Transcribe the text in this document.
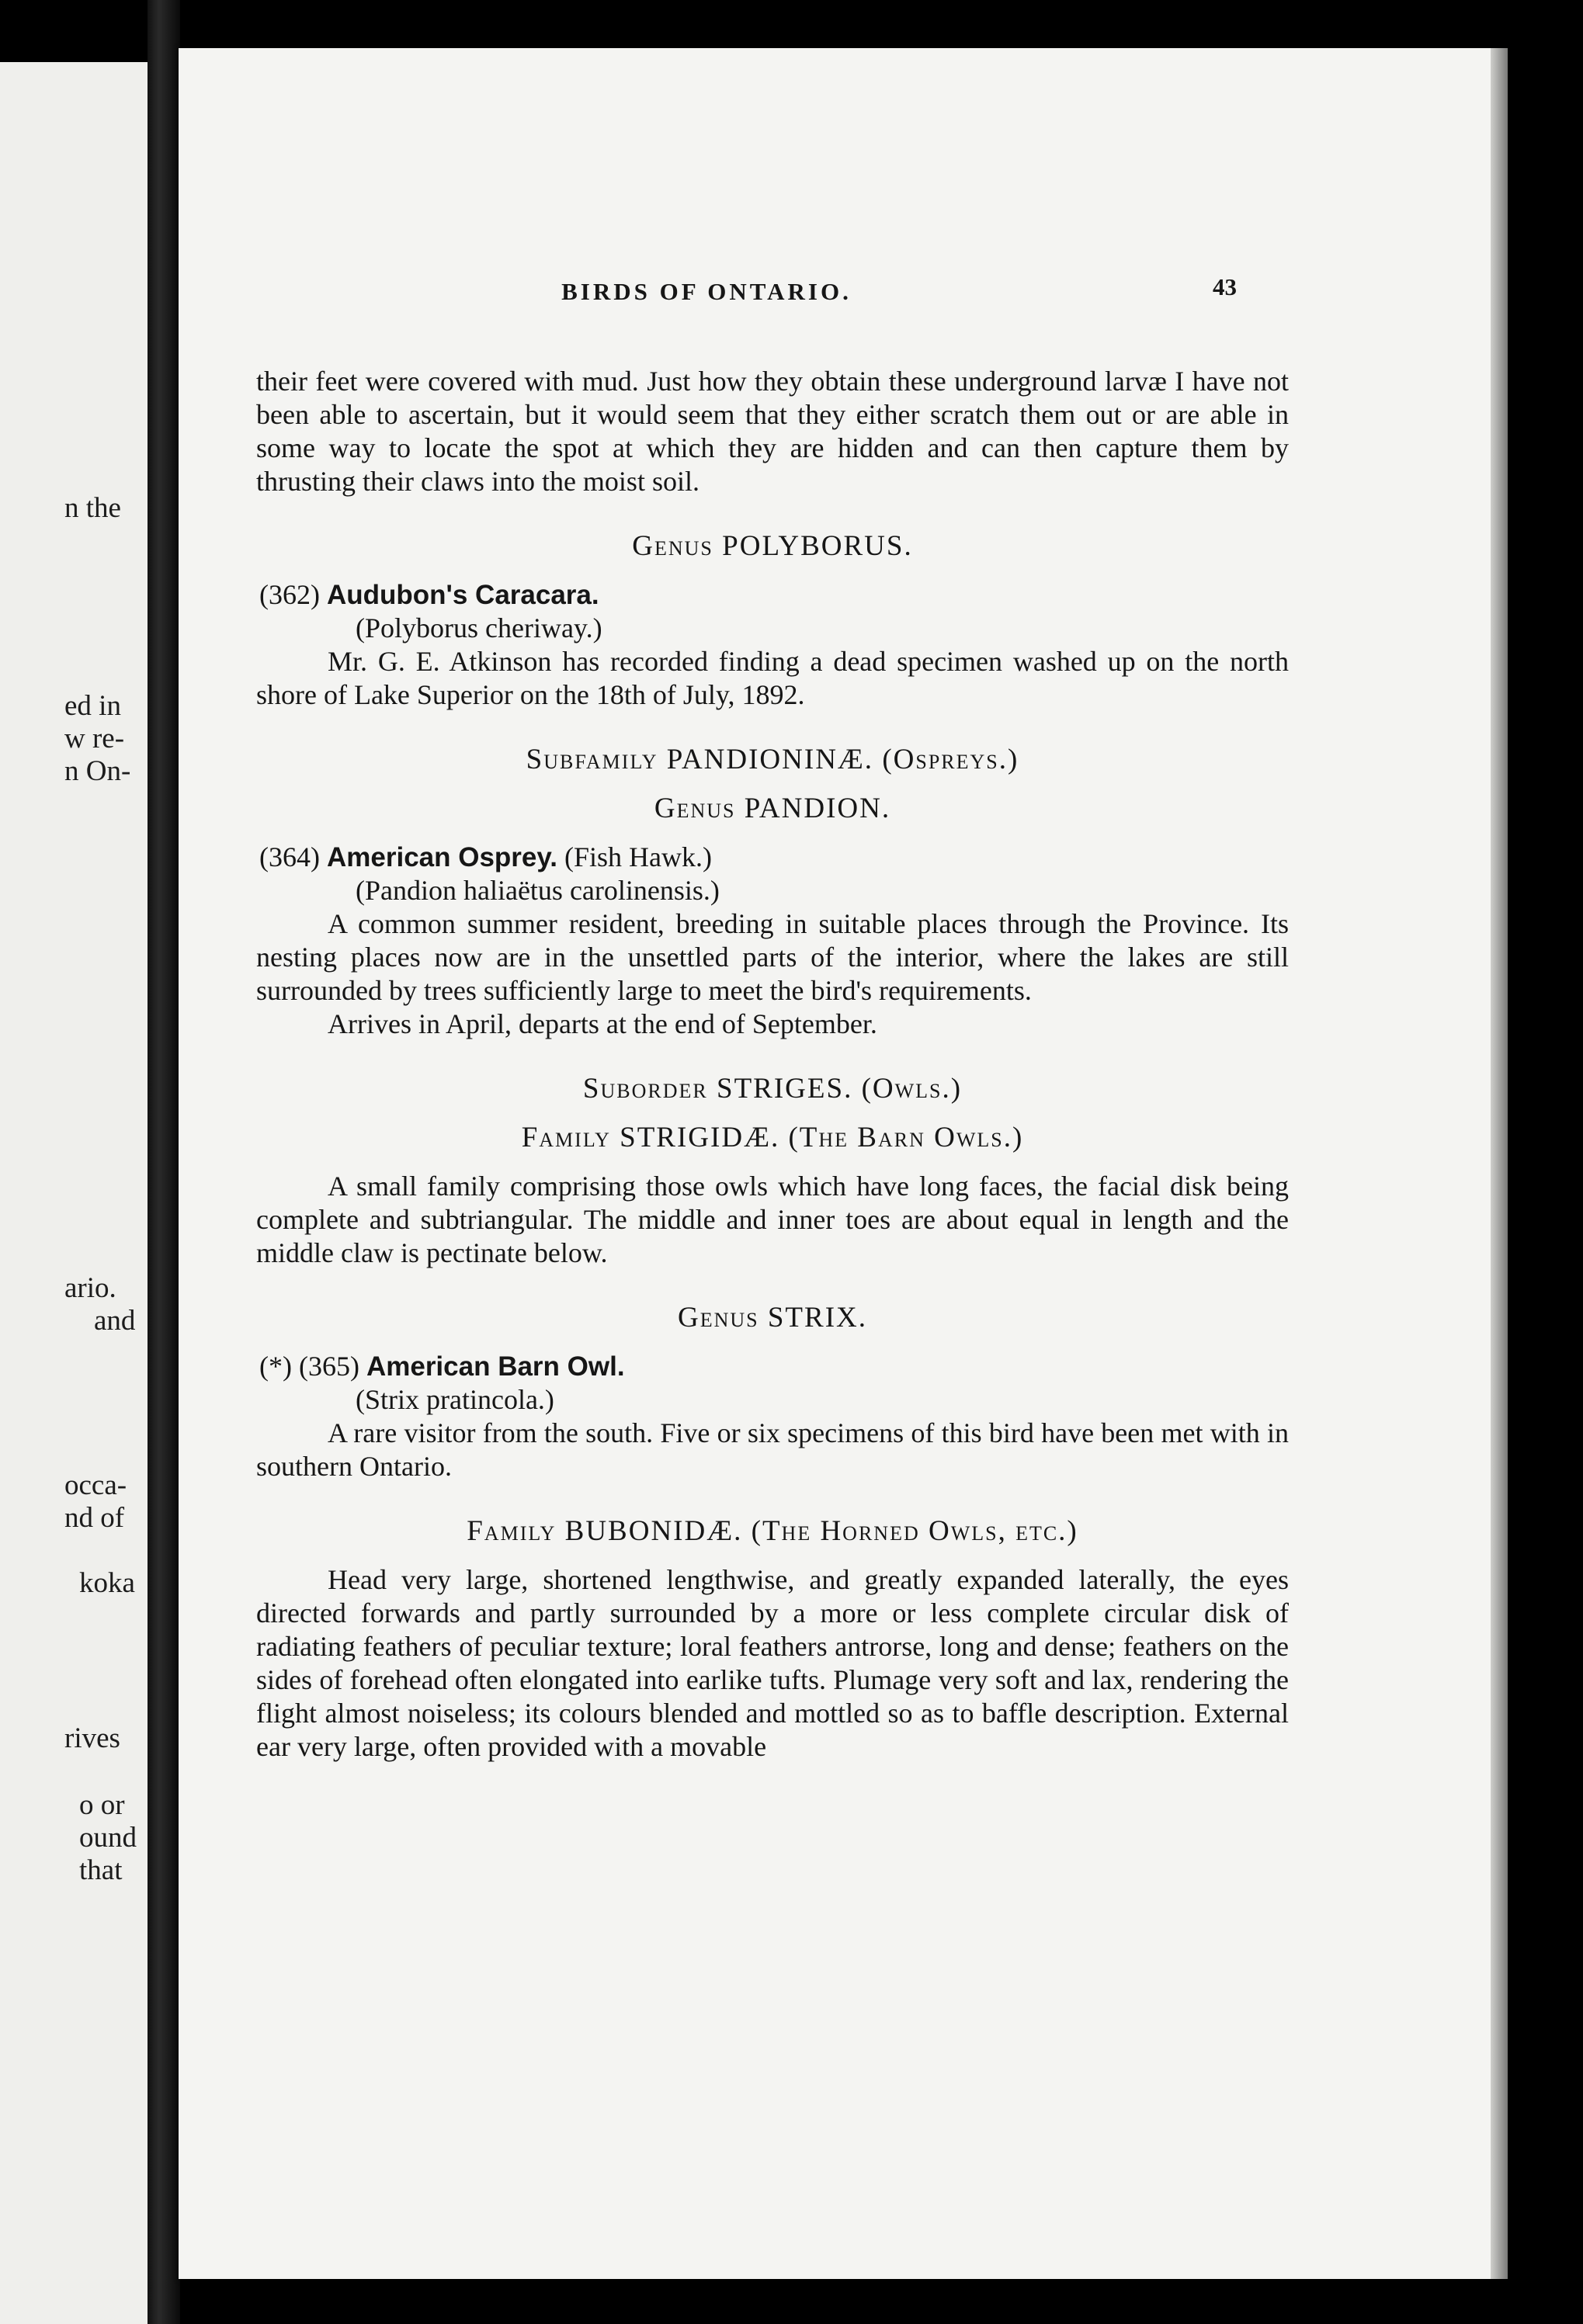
n the
ed in
w re-
n On-
ario.
and
occa-
nd of
koka
rives
o or
ound
that
BIRDS OF ONTARIO.	43

their feet were covered with mud. Just how they obtain these underground larvæ I have not been able to ascertain, but it would seem that they either scratch them out or are able in some way to locate the spot at which they are hidden and can then capture them by thrusting their claws into the moist soil.

Genus POLYBORUS.
(362) Audubon's Caracara.

(Polyborus cheriway.)

Mr. G. E. Atkinson has recorded finding a dead specimen washed up on the north shore of Lake Superior on the 18th of July, 1892.

Subfamily PANDIONINÆ. (Ospreys.)
Genus PANDION.
(364) American Osprey. (Fish Hawk.)

(Pandion haliaëtus carolinensis.)

A common summer resident, breeding in suitable places through the Province. Its nesting places now are in the unsettled parts of the interior, where the lakes are still surrounded by trees sufficiently large to meet the bird's requirements.

Arrives in April, departs at the end of September.

Suborder STRIGES. (Owls.)
Family STRIGIDÆ. (The Barn Owls.)

A small family comprising those owls which have long faces, the facial disk being complete and subtriangular. The middle and inner toes are about equal in length and the middle claw is pectinate below.

Genus STRIX.
(*) (365) American Barn Owl.

(Strix pratincola.)

A rare visitor from the south. Five or six specimens of this bird have been met with in southern Ontario.

Family BUBONIDÆ. (The Horned Owls, etc.)

Head very large, shortened lengthwise, and greatly expanded laterally, the eyes directed forwards and partly surrounded by a more or less complete circular disk of radiating feathers of peculiar texture; loral feathers antrorse, long and dense; feathers on the sides of forehead often elongated into earlike tufts. Plumage very soft and lax, rendering the flight almost noiseless; its colours blended and mottled so as to baffle description. External ear very large, often provided with a movable
